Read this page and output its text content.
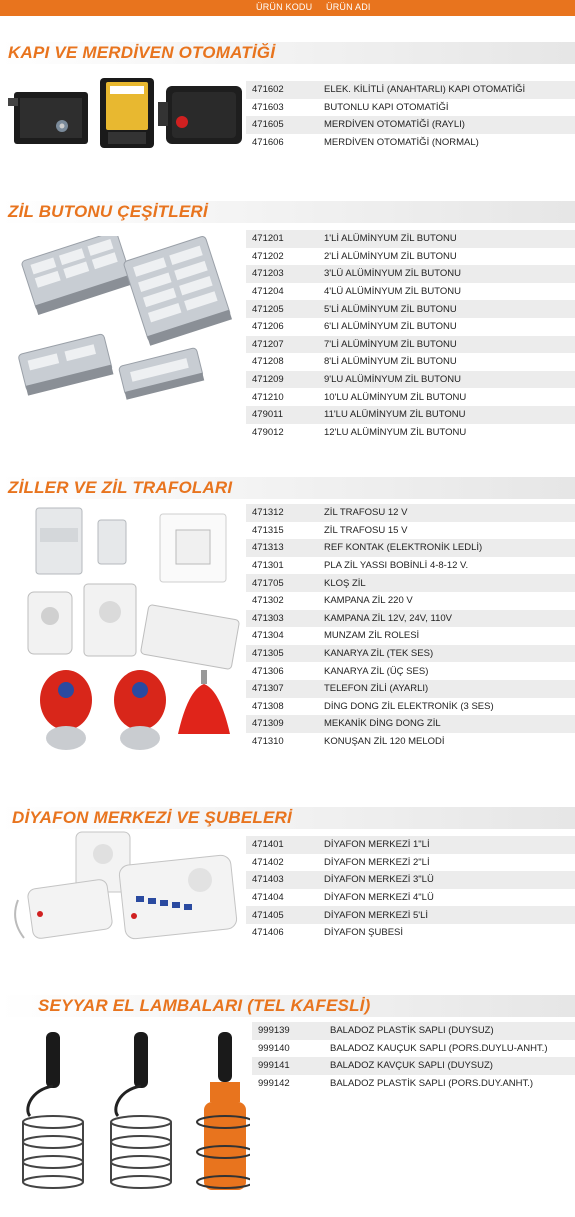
ÜRÜN KODU ÜRÜN ADI
KAPI VE MERDİVEN OTOMATİĞİ
471602	ELEK. KİLİTLİ (ANAHTARLI) KAPI OTOMATİĞİ
471603	BUTONLU KAPI OTOMATİĞİ
471605	MERDİVEN OTOMATİĞİ (RAYLI)
471606	MERDİVEN OTOMATİĞİ (NORMAL)
ZİL BUTONU ÇEŞİTLERİ
471201	1'Lİ ALÜMİNYUM ZİL BUTONU
471202	2'Lİ ALÜMİNYUM ZİL BUTONU
471203	3'LÜ ALÜMİNYUM ZİL BUTONU
471204	4'LÜ ALÜMİNYUM ZİL BUTONU
471205	5'Lİ ALÜMİNYUM ZİL BUTONU
471206	6'LI ALÜMİNYUM ZİL BUTONU
471207	7'Lİ ALÜMİNYUM ZİL BUTONU
471208	8'Lİ ALÜMİNYUM ZİL BUTONU
471209	9'LU ALÜMİNYUM ZİL BUTONU
471210	10'LU ALÜMİNYUM ZİL BUTONU
479011	11'LU ALÜMİNYUM ZİL BUTONU
479012	12'LU ALÜMİNYUM ZİL BUTONU
ZİLLER VE ZİL TRAFOLARI
471312	ZİL TRAFOSU 12 V
471315	ZİL TRAFOSU 15 V
471313	REF KONTAK (ELEKTRONİK LEDLİ)
471301	PLA ZİL YASSI BOBİNLİ 4-8-12 V.
471705	KLOŞ ZİL
471302	KAMPANA ZİL 220 V
471303	KAMPANA ZİL 12V, 24V, 110V
471304	MUNZAM ZİL ROLESİ
471305	KANARYA ZİL (TEK SES)
471306	KANARYA ZİL (ÜÇ SES)
471307	TELEFON ZİLİ (AYARLI)
471308	DİNG DONG ZİL ELEKTRONİK (3 SES)
471309	MEKANİK DİNG DONG ZİL
471310	KONUŞAN ZİL 120 MELODİ
DİYAFON MERKEZİ VE ŞUBELERİ
471401	DİYAFON MERKEZİ 1"Lİ
471402	DİYAFON MERKEZİ 2"Lİ
471403	DİYAFON MERKEZİ 3"LÜ
471404	DİYAFON MERKEZİ 4"LÜ
471405	DİYAFON MERKEZİ 5'Lİ
471406	DİYAFON ŞUBESİ
SEYYAR EL LAMBALARI (TEL KAFESLİ)
999139	BALADOZ PLASTİK SAPLI (DUYSUZ)
999140	BALADOZ KAUÇUK SAPLI (PORS.DUYLU-ANHT.)
999141	BALADOZ KAVÇUK SAPLI (DUYSUZ)
999142	BALADOZ PLASTİK SAPLI (PORS.DUY.ANHT.)
